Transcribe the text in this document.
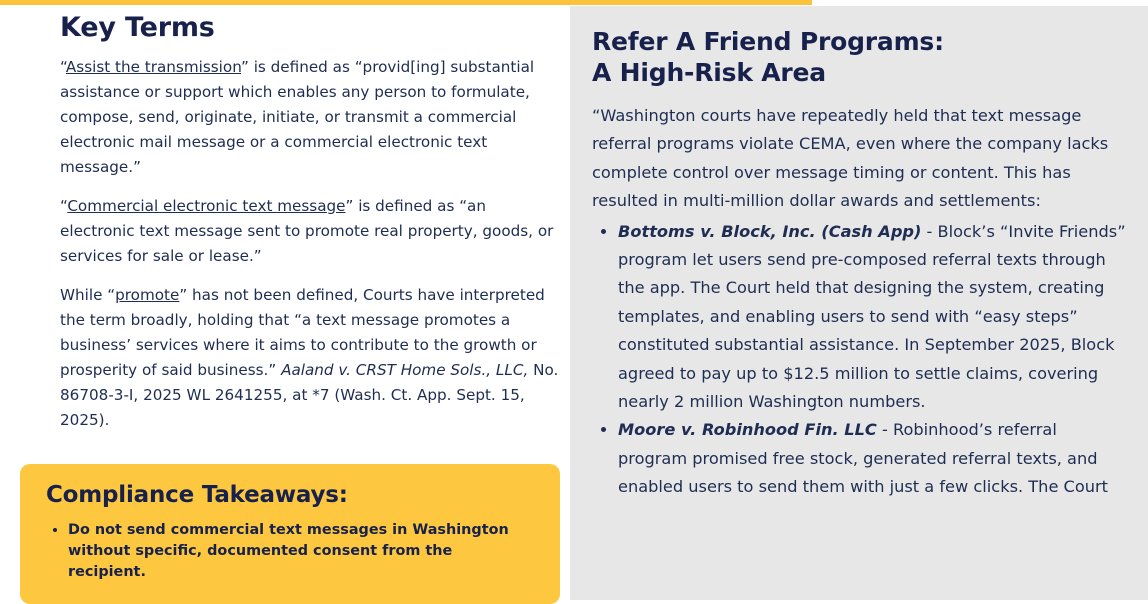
Key Terms

“Assist the transmission” is defined as “provid[ing] substantial assistance or support which enables any person to formulate, compose, send, originate, initiate, or transmit a commercial electronic mail message or a commercial electronic text message.”

“Commercial electronic text message” is defined as “an electronic text message sent to promote real property, goods, or services for sale or lease.”

While “promote” has not been defined, Courts have interpreted the term broadly, holding that “a text message promotes a business’ services where it aims to contribute to the growth or prosperity of said business.” Aaland v. CRST Home Sols., LLC, No. 86708-3-I, 2025 WL 2641255, at *7 (Wash. Ct. App. Sept. 15, 2025).

Compliance Takeaways:
• Do not send commercial text messages in Washington without specific, documented consent from the recipient.
Refer A Friend Programs:
A High-Risk Area

“Washington courts have repeatedly held that text message referral programs violate CEMA, even where the company lacks complete control over message timing or content. This has resulted in multi-million dollar awards and settlements:

• Bottoms v. Block, Inc. (Cash App) - Block’s “Invite Friends” program let users send pre-composed referral texts through the app. The Court held that designing the system, creating templates, and enabling users to send with “easy steps” constituted substantial assistance. In September 2025, Block agreed to pay up to $12.5 million to settle claims, covering nearly 2 million Washington numbers.
• Moore v. Robinhood Fin. LLC - Robinhood’s referral program promised free stock, generated referral texts, and enabled users to send them with just a few clicks. The Court
